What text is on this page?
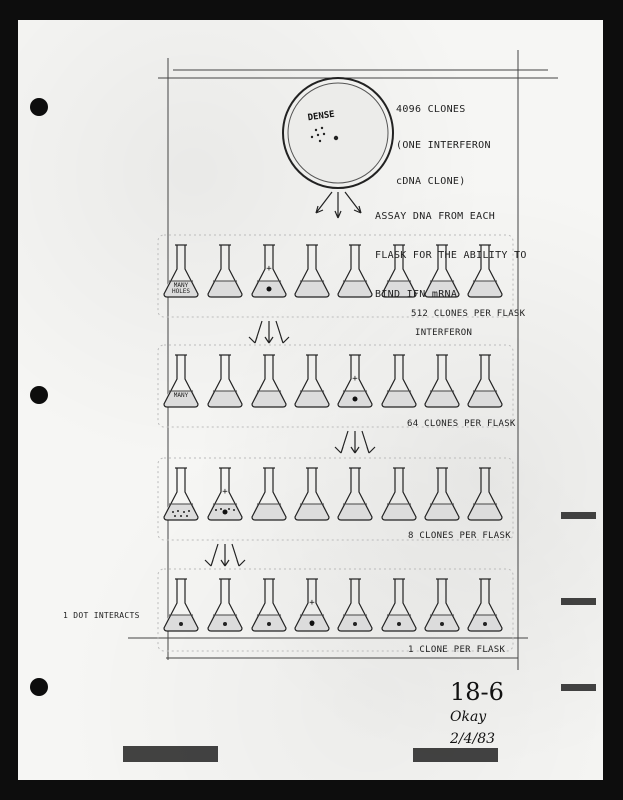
DENSE
MANY
HOLES
+
MANY
+
+
+

4096 CLONES

(ONE INTERFERON

cDNA CLONE)

ASSAY DNA FROM EACH

FLASK FOR THE ABILITY TO

BIND IFN mRNA

INTERFERON

512 CLONES PER FLASK
64 CLONES PER FLASK
8 CLONES PER FLASK
1 CLONE PER FLASK
1 DOT INTERACTS
18-6
Okay
2/4/83
